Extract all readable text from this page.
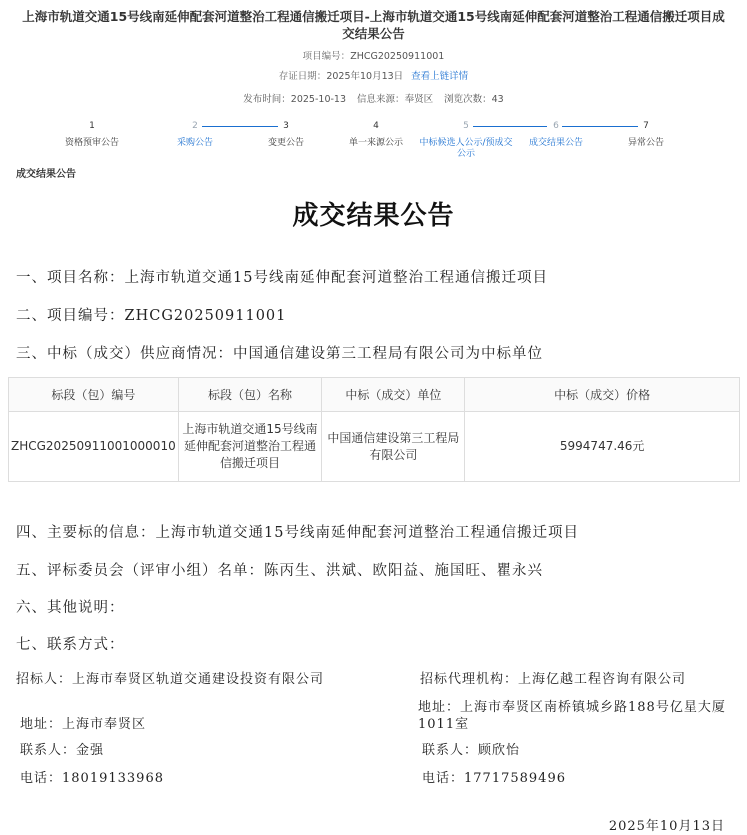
上海市轨道交通15号线南延伸配套河道整治工程通信搬迁项目-上海市轨道交通15号线南延伸配套河道整治工程通信搬迁项目成交结果公告
项目编号：ZHCG20250911001
存证日期：2025年10月13日 查看上链详情
发布时间：2025-10-13 信息来源：奉贤区 浏览次数：43
1
资格预审公告
2
采购公告
3
变更公告
4
单一来源公示
5
中标候选人公示/预成交公示
6
成交结果公告
7
异常公告
成交结果公告
成交结果公告
一、项目名称：上海市轨道交通15号线南延伸配套河道整治工程通信搬迁项目
二、项目编号：ZHCG20250911001
三、中标（成交）供应商情况：中国通信建设第三工程局有限公司为中标单位
标段（包）编号	标段（包）名称	中标（成交）单位	中标（成交）价格
ZHCG20250911001000010	上海市轨道交通15号线南延伸配套河道整治工程通信搬迁项目	中国通信建设第三工程局有限公司	5994747.46元
四、主要标的信息：上海市轨道交通15号线南延伸配套河道整治工程通信搬迁项目
五、评标委员会（评审小组）名单：陈丙生、洪斌、欧阳益、施国旺、瞿永兴
六、其他说明：
七、联系方式：
招标人：上海市奉贤区轨道交通建设投资有限公司
地址：上海市奉贤区
联系人：金强
电话：18019133968
招标代理机构：上海亿越工程咨询有限公司
地址：上海市奉贤区南桥镇城乡路188号亿星大厦1011室
联系人：顾欣怡
电话：17717589496
2025年10月13日
